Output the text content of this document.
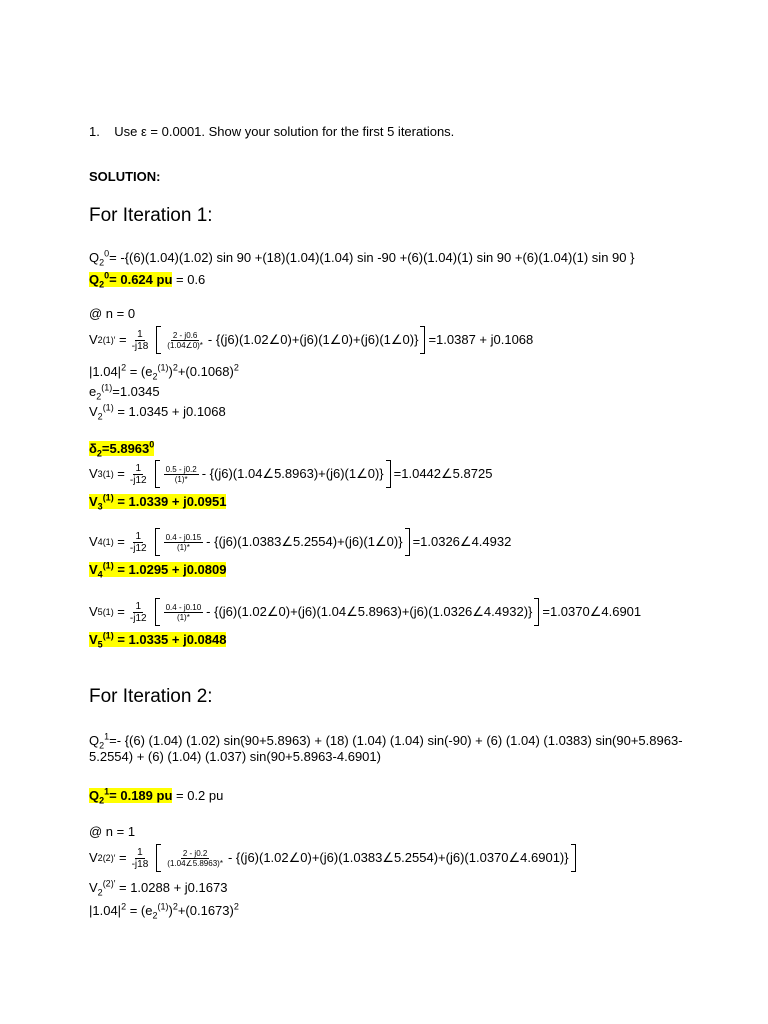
1. Use ε = 0.0001. Show your solution for the first 5 iterations.
SOLUTION:
For Iteration 1:
$Q_2^0= -\{(6)(1.04)(1.02)$ sin 90 +(18)(1.04)(1.04) sin -90 +(6)(1.04)(1) sin 90 +(6)(1.04)(1) sin 90 }
$Q_2^0= 0.624$ pu = 0.6
@ n = 0
V 2 (1)′ = 1
-j18
2 - j0.6
(1.04∠0)* - {(j6)(1.02∠0)+(j6)(1∠0)+(j6)(1∠0)} =1.0387 + j0.1068
$|1.04|^2 = (e_2^{(1)})^2+(0.1068)^2$
$e_2^{(1)}=1.0345$
$V_2^{(1)} = 1.0345 + j0.1068$
$\delta_2=5.8963^0$
V 3 (1) = 1
-j12
0.5 - j0.2
(1)* - {(j6)(1.04∠5.8963)+(j6)(1∠0)} =1.0442∠5.8725
$V_3^{(1)} = 1.0339 + j0.0951$
V 4 (1) = 1
-j12
0.4 - j0.15
(1)* - {(j6)(1.0383∠5.2554)+(j6)(1∠0)} =1.0326∠4.4932
$V_4^{(1)} = 1.0295 + j0.0809$
V 5 (1) = 1
-j12
0.4 - j0.10
(1)* - {(j6)(1.02∠0)+(j6)(1.04∠5.8963)+(j6)(1.0326∠4.4932)} =1.0370∠4.6901
$V_5^{(1)} = 1.0335 + j0.0848$
For Iteration 2:
$Q_2^1=-$ {(6) (1.04) (1.02) sin(90+5.8963) + (18) (1.04) (1.04) sin(-90) + (6) (1.04) (1.0383) sin(90+5.8963-5.2554) + (6) (1.04) (1.037) sin(90+5.8963-4.6901)
$Q_2^1= 0.189$ pu = 0.2 pu
@ n = 1
V 2 (2)′ = 1
-j18
2 - j0.2
(1.04∠5.8963)* - {(j6)(1.02∠0)+(j6)(1.0383∠5.2554)+(j6)(1.0370∠4.6901)}
$V_2^{(2)'} = 1.0288 + j0.1673$
$|1.04|^2 = (e_2^{(1)})^2+(0.1673)^2$
